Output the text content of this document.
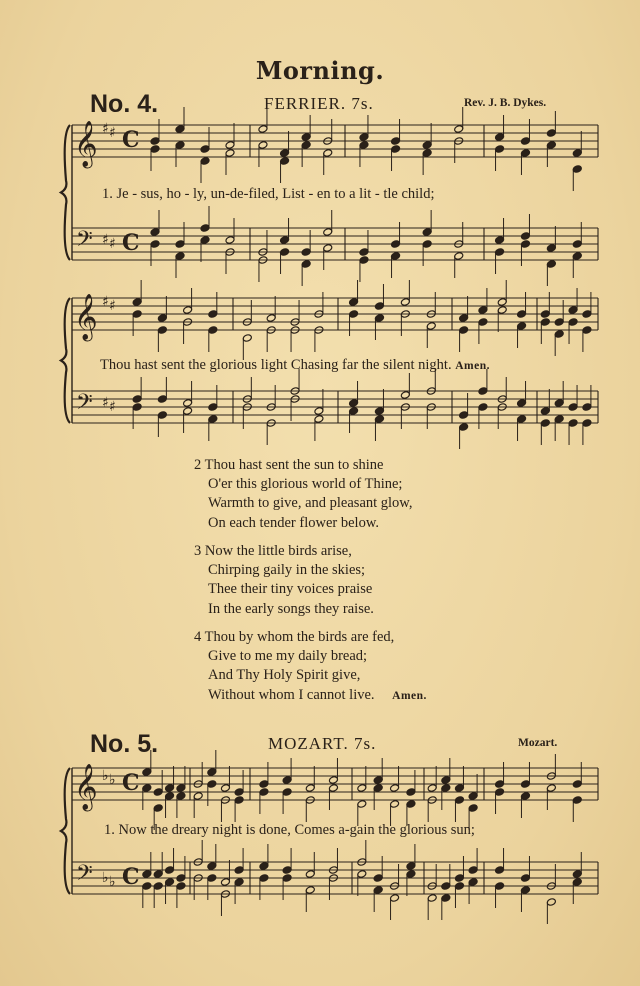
Morning.
No. 4.	FERRIER. 7s.	Rev. J. B. Dykes.
1. Je - sus, ho - ly, un-de-filed, List - en to a lit - tle child;
Thou hast sent the glorious light Chasing far the silent night. Amen.
2 Thou hast sent the sun to shine
O'er this glorious world of Thine;
Warmth to give, and pleasant glow,
On each tender flower below.
3 Now the little birds arise,
Chirping gaily in the skies;
Thee their tiny voices praise
In the early songs they raise.
4 Thou by whom the birds are fed,
Give to me my daily bread;
And Thy Holy Spirit give,
Without whom I cannot live. Amen.
No. 5.	MOZART. 7s.	Mozart.
1. Now the dreary night is done, Comes a-gain the glorious sun;
𝄞
𝄢
♯
♯
♯
♯
C
C
𝄞
𝄢
♯
♯
♯
♯
𝄞
𝄢
♭
♭
♭
♭
C
C
